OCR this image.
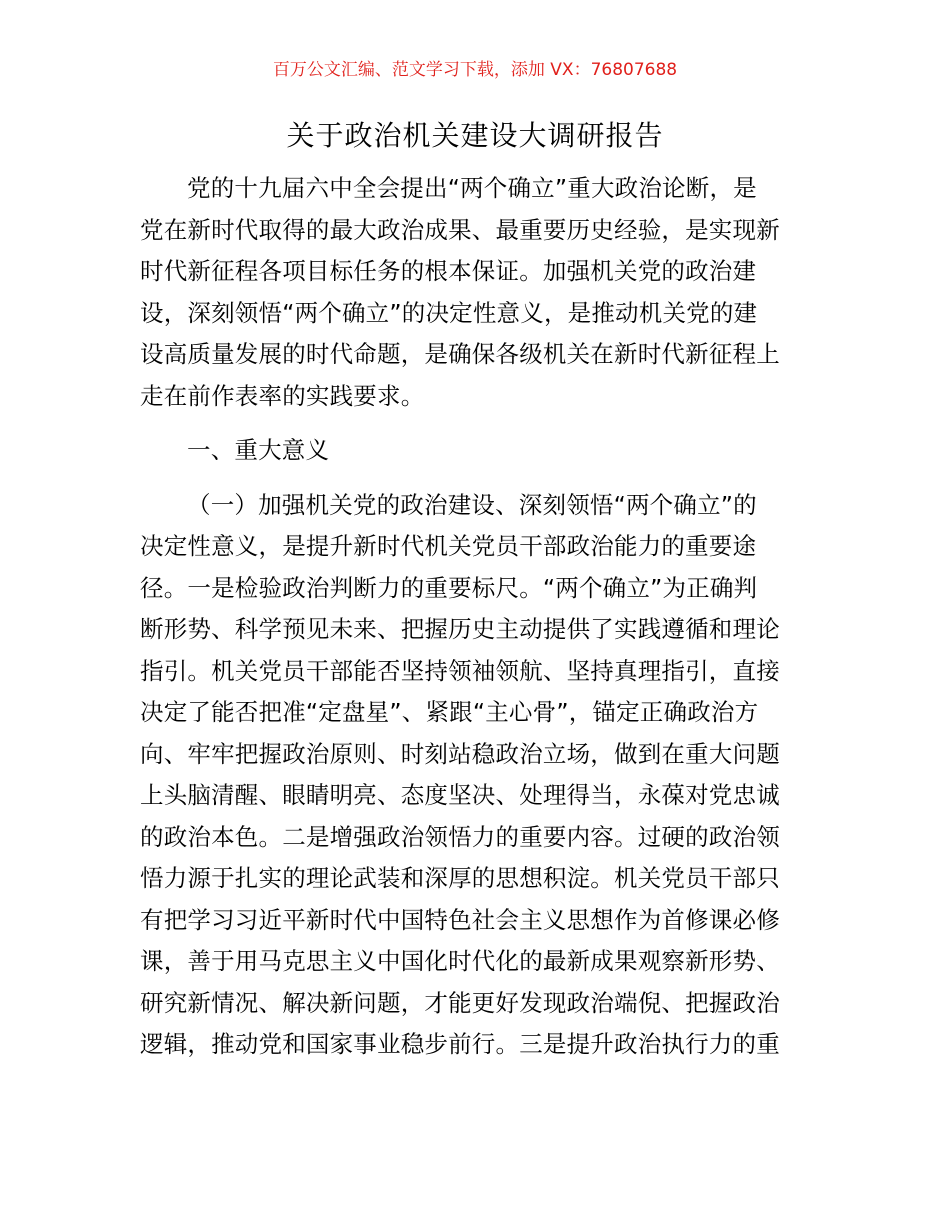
百万公文汇编、范文学习下载，添加 VX：76807688
关于政治机关建设大调研报告
党的十九届六中全会提出“两个确立”重大政治论断，是
党在新时代取得的最大政治成果、最重要历史经验，是实现新
时代新征程各项目标任务的根本保证。加强机关党的政治建
设，深刻领悟“两个确立”的决定性意义，是推动机关党的建
设高质量发展的时代命题，是确保各级机关在新时代新征程上
走在前作表率的实践要求。
一、重大意义
（一）加强机关党的政治建设、深刻领悟“两个确立”的
决定性意义，是提升新时代机关党员干部政治能力的重要途
径。一是检验政治判断力的重要标尺。“两个确立”为正确判
断形势、科学预见未来、把握历史主动提供了实践遵循和理论
指引。机关党员干部能否坚持领袖领航、坚持真理指引，直接
决定了能否把准“定盘星”、紧跟“主心骨”，锚定正确政治方
向、牢牢把握政治原则、时刻站稳政治立场，做到在重大问题
上头脑清醒、眼睛明亮、态度坚决、处理得当，永葆对党忠诚
的政治本色。二是增强政治领悟力的重要内容。过硬的政治领
悟力源于扎实的理论武装和深厚的思想积淀。机关党员干部只
有把学习习近平新时代中国特色社会主义思想作为首修课必修
课，善于用马克思主义中国化时代化的最新成果观察新形势、
研究新情况、解决新问题，才能更好发现政治端倪、把握政治
逻辑，推动党和国家事业稳步前行。三是提升政治执行力的重
